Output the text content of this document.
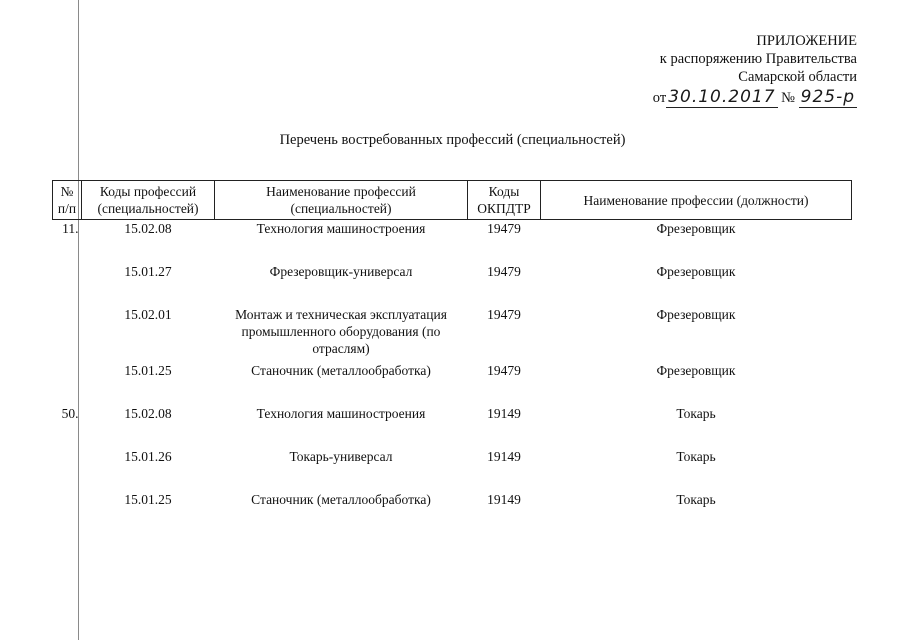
ПРИЛОЖЕНИЕ
к распоряжению Правительства
Самарской области
от 30.10.2017 № 925-р
Перечень востребованных профессий (специальностей)
№ п/п	Коды профессий (специальностей)	Наименование профессий (специальностей)	Коды ОКПДТР	Наименование профессии (должности)
11.	15.02.08	Технология машиностроения	19479	Фрезеровщик
	15.01.27	Фрезеровщик-универсал	19479	Фрезеровщик
	15.02.01	Монтаж и техническая эксплуатация промышленного оборудования (по отраслям)	19479	Фрезеровщик
	15.01.25	Станочник (металлообработка)	19479	Фрезеровщик
50.	15.02.08	Технология машиностроения	19149	Токарь
	15.01.26	Токарь-универсал	19149	Токарь
	15.01.25	Станочник (металлообработка)	19149	Токарь
